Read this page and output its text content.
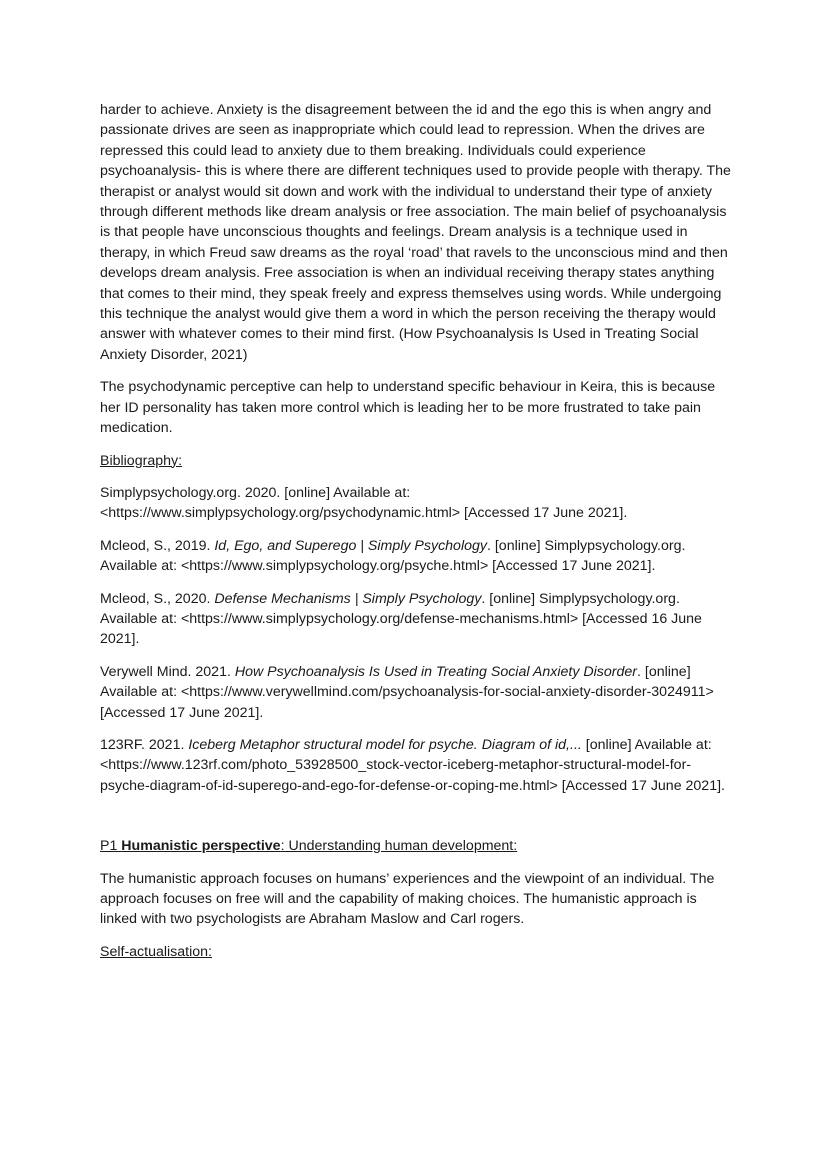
harder to achieve. Anxiety is the disagreement between the id and the ego this is when angry and passionate drives are seen as inappropriate which could lead to repression. When the drives are repressed this could lead to anxiety due to them breaking. Individuals could experience psychoanalysis- this is where there are different techniques used to provide people with therapy. The therapist or analyst would sit down and work with the individual to understand their type of anxiety through different methods like dream analysis or free association. The main belief of psychoanalysis is that people have unconscious thoughts and feelings. Dream analysis is a technique used in therapy, in which Freud saw dreams as the royal ‘road’ that ravels to the unconscious mind and then develops dream analysis. Free association is when an individual receiving therapy states anything that comes to their mind, they speak freely and express themselves using words. While undergoing this technique the analyst would give them a word in which the person receiving the therapy would answer with whatever comes to their mind first. (How Psychoanalysis Is Used in Treating Social Anxiety Disorder, 2021)

The psychodynamic perceptive can help to understand specific behaviour in Keira, this is because her ID personality has taken more control which is leading her to be more frustrated to take pain medication.

Bibliography:

Simplypsychology.org. 2020. [online] Available at: <https://www.simplypsychology.org/psychodynamic.html> [Accessed 17 June 2021].

Mcleod, S., 2019. Id, Ego, and Superego | Simply Psychology. [online] Simplypsychology.org. Available at: <https://www.simplypsychology.org/psyche.html> [Accessed 17 June 2021].

Mcleod, S., 2020. Defense Mechanisms | Simply Psychology. [online] Simplypsychology.org. Available at: <https://www.simplypsychology.org/defense-mechanisms.html> [Accessed 16 June 2021].

Verywell Mind. 2021. How Psychoanalysis Is Used in Treating Social Anxiety Disorder. [online] Available at: <https://www.verywellmind.com/psychoanalysis-for-social-anxiety-disorder-3024911> [Accessed 17 June 2021].

123RF. 2021. Iceberg Metaphor structural model for psyche. Diagram of id,... [online] Available at: <https://www.123rf.com/photo_53928500_stock-vector-iceberg-metaphor-structural-model-for-psyche-diagram-of-id-superego-and-ego-for-defense-or-coping-me.html> [Accessed 17 June 2021].

P1 Humanistic perspective: Understanding human development:

The humanistic approach focuses on humans’ experiences and the viewpoint of an individual. The approach focuses on free will and the capability of making choices. The humanistic approach is linked with two psychologists are Abraham Maslow and Carl rogers.

Self-actualisation:
